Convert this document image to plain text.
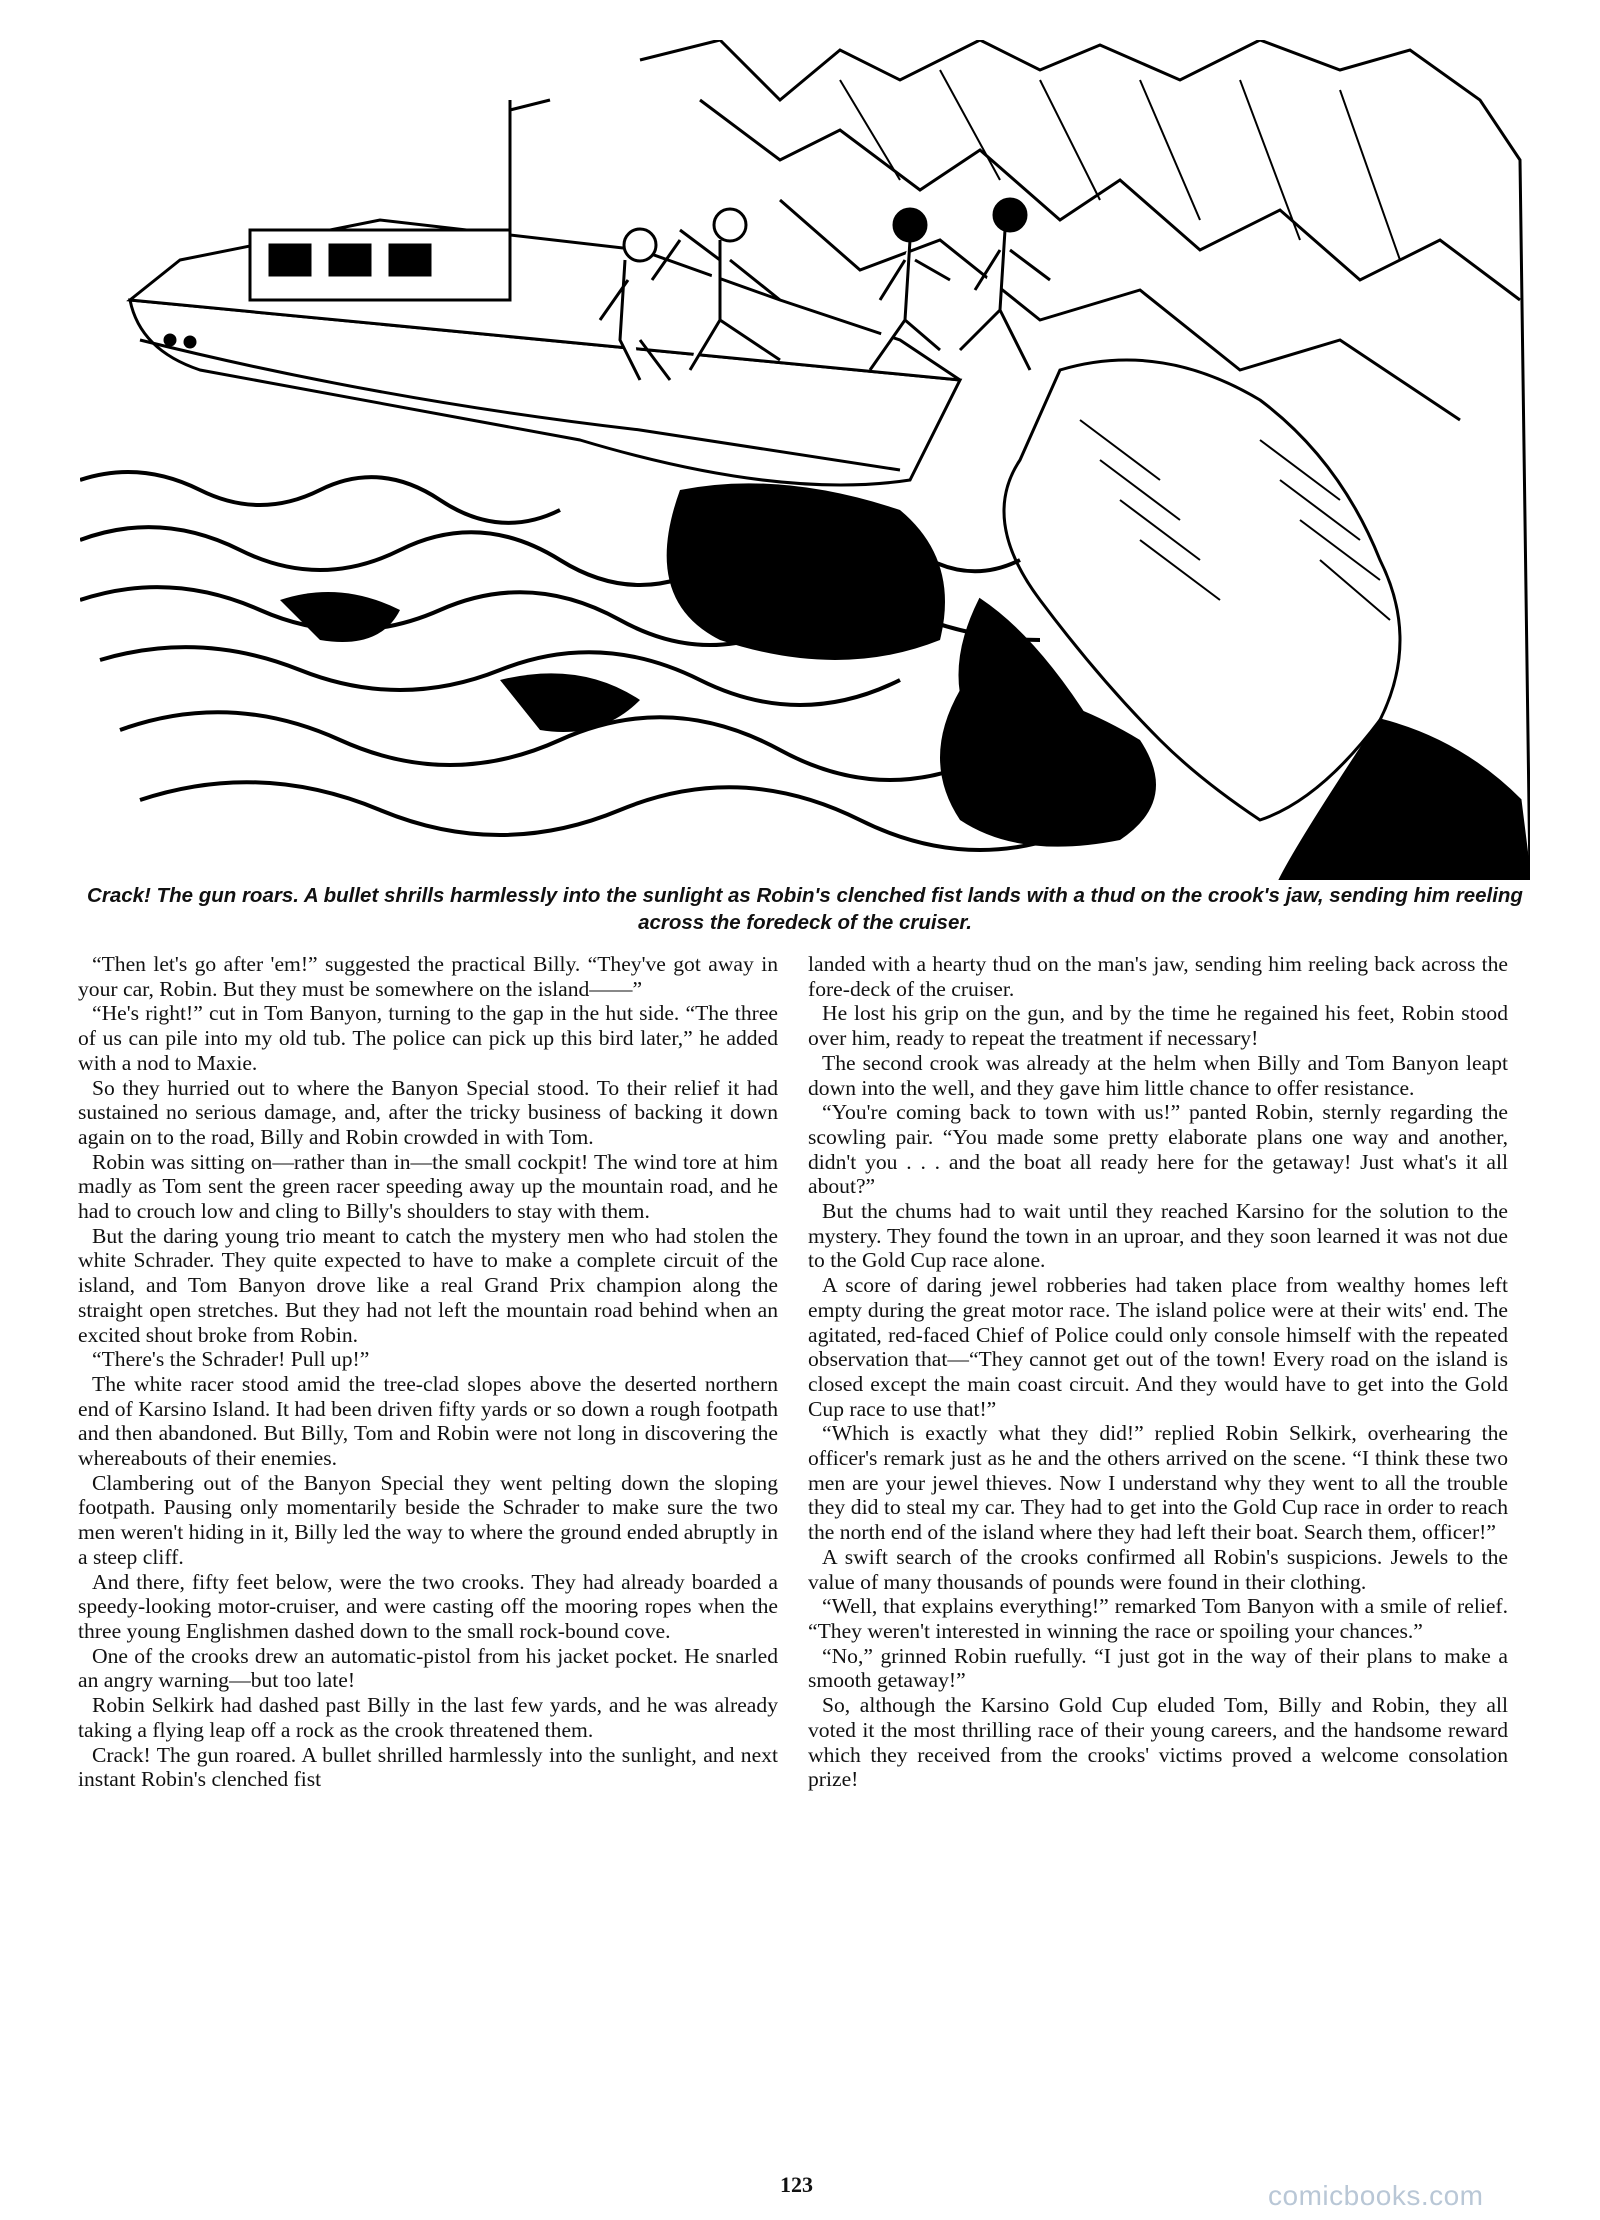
Crack! The gun roars. A bullet shrills harmlessly into the sunlight as Robin's clenched fist lands with a thud on the crook's jaw, sending him reeling across the foredeck of the cruiser.

“Then let's go after 'em!” suggested the practical Billy. “They've got away in your car, Robin. But they must be somewhere on the island——”

“He's right!” cut in Tom Banyon, turning to the gap in the hut side. “The three of us can pile into my old tub. The police can pick up this bird later,” he added with a nod to Maxie.

So they hurried out to where the Banyon Special stood. To their relief it had sustained no serious damage, and, after the tricky business of backing it down again on to the road, Billy and Robin crowded in with Tom.

Robin was sitting on—rather than in—the small cockpit! The wind tore at him madly as Tom sent the green racer speeding away up the mountain road, and he had to crouch low and cling to Billy's shoulders to stay with them.

But the daring young trio meant to catch the mystery men who had stolen the white Schrader. They quite expected to have to make a complete circuit of the island, and Tom Banyon drove like a real Grand Prix champion along the straight open stretches. But they had not left the mountain road behind when an excited shout broke from Robin.

“There's the Schrader! Pull up!”

The white racer stood amid the tree-clad slopes above the deserted northern end of Karsino Island. It had been driven fifty yards or so down a rough footpath and then abandoned. But Billy, Tom and Robin were not long in discovering the whereabouts of their enemies.

Clambering out of the Banyon Special they went pelting down the sloping footpath. Pausing only momentarily beside the Schrader to make sure the two men weren't hiding in it, Billy led the way to where the ground ended abruptly in a steep cliff.

And there, fifty feet below, were the two crooks. They had already boarded a speedy-looking motor-cruiser, and were casting off the mooring ropes when the three young Englishmen dashed down to the small rock-bound cove.

One of the crooks drew an automatic-pistol from his jacket pocket. He snarled an angry warning—but too late!

Robin Selkirk had dashed past Billy in the last few yards, and he was already taking a flying leap off a rock as the crook threatened them.

Crack! The gun roared. A bullet shrilled harmlessly into the sunlight, and next instant Robin's clenched fist

landed with a hearty thud on the man's jaw, sending him reeling back across the fore-deck of the cruiser.

He lost his grip on the gun, and by the time he regained his feet, Robin stood over him, ready to repeat the treatment if necessary!

The second crook was already at the helm when Billy and Tom Banyon leapt down into the well, and they gave him little chance to offer resistance.

“You're coming back to town with us!” panted Robin, sternly regarding the scowling pair. “You made some pretty elaborate plans one way and another, didn't you . . . and the boat all ready here for the getaway! Just what's it all about?”

But the chums had to wait until they reached Karsino for the solution to the mystery. They found the town in an uproar, and they soon learned it was not due to the Gold Cup race alone.

A score of daring jewel robberies had taken place from wealthy homes left empty during the great motor race. The island police were at their wits' end. The agitated, red-faced Chief of Police could only console himself with the repeated observation that—“They cannot get out of the town! Every road on the island is closed except the main coast circuit. And they would have to get into the Gold Cup race to use that!”

“Which is exactly what they did!” replied Robin Selkirk, overhearing the officer's remark just as he and the others arrived on the scene. “I think these two men are your jewel thieves. Now I understand why they went to all the trouble they did to steal my car. They had to get into the Gold Cup race in order to reach the north end of the island where they had left their boat. Search them, officer!”

A swift search of the crooks confirmed all Robin's suspicions. Jewels to the value of many thousands of pounds were found in their clothing.

“Well, that explains everything!” remarked Tom Banyon with a smile of relief. “They weren't interested in winning the race or spoiling your chances.”

“No,” grinned Robin ruefully. “I just got in the way of their plans to make a smooth getaway!”

So, although the Karsino Gold Cup eluded Tom, Billy and Robin, they all voted it the most thrilling race of their young careers, and the handsome reward which they received from the crooks' victims proved a welcome consolation prize!

123	comicbooks.com
